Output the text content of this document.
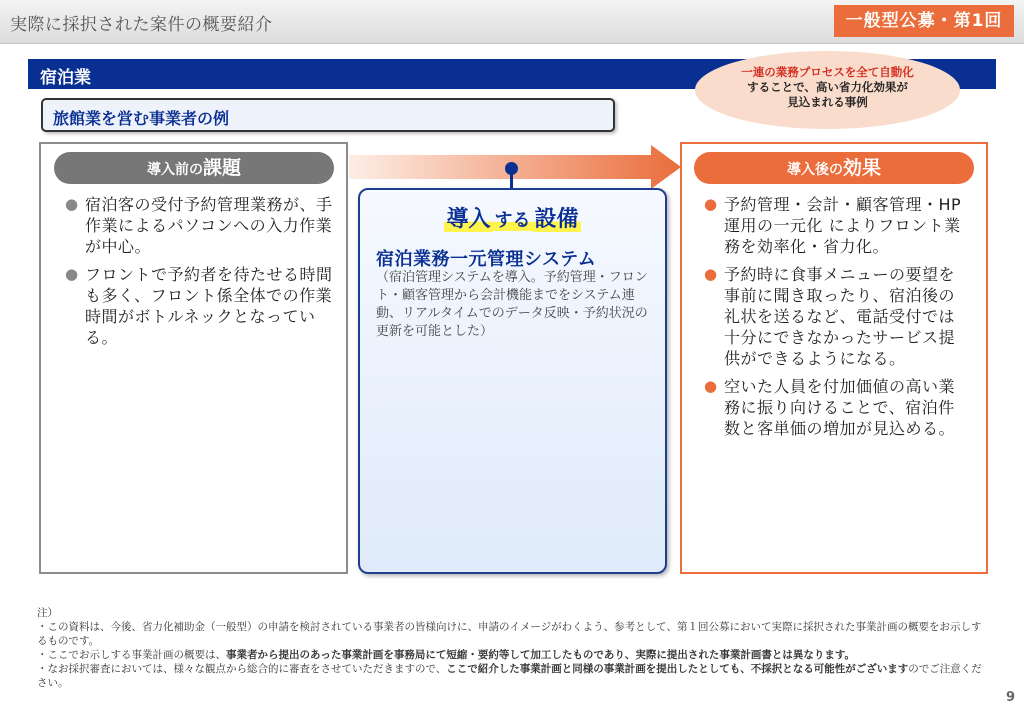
実際に採択された案件の概要紹介	一般型公募・第1回
宿泊業	一連の業務プロセスを全て自動化
することで、高い省力化効果が
見込まれる事例
旅館業を営む事業者の例
導入前の課題
● 宿泊客の受付予約管理業務が、手作業によるパソコンへの入力作業が中心。
● フロントで予約者を待たせる時間も多く、フロント係全体での作業時間がボトルネックとなっている。
導入 する 設備
宿泊業務一元管理システム
（宿泊管理システムを導入。予約管理・フロント・顧客管理から会計機能までをシステム連動、リアルタイムでのデータ反映・予約状況の更新を可能とした）
導入後の効果
● 予約管理・会計・顧客管理・HP運用の一元化 によりフロント業務を効率化・省力化。
● 予約時に食事メニューの要望を事前に聞き取ったり、宿泊後の礼状を送るなど、電話受付では十分にできなかったサービス提供ができるようになる。
● 空いた人員を付加価値の高い業務に振り向けることで、宿泊件数と客単価の増加が見込める。

注）

・この資料は、今後、省力化補助金（一般型）の申請を検討されている事業者の皆様向けに、申請のイメージがわくよう、参考として、第１回公募において実際に採択された事業計画の概要をお示しするものです。

・ここでお示しする事業計画の概要は、事業者から提出のあった事業計画を事務局にて短縮・要約等して加工したものであり、実際に提出された事業計画書とは異なります。

・なお採択審査においては、様々な観点から総合的に審査をさせていただきますので、ここで紹介した事業計画と同様の事業計画を提出したとしても、不採択となる可能性がございますのでご注意ください。

9
